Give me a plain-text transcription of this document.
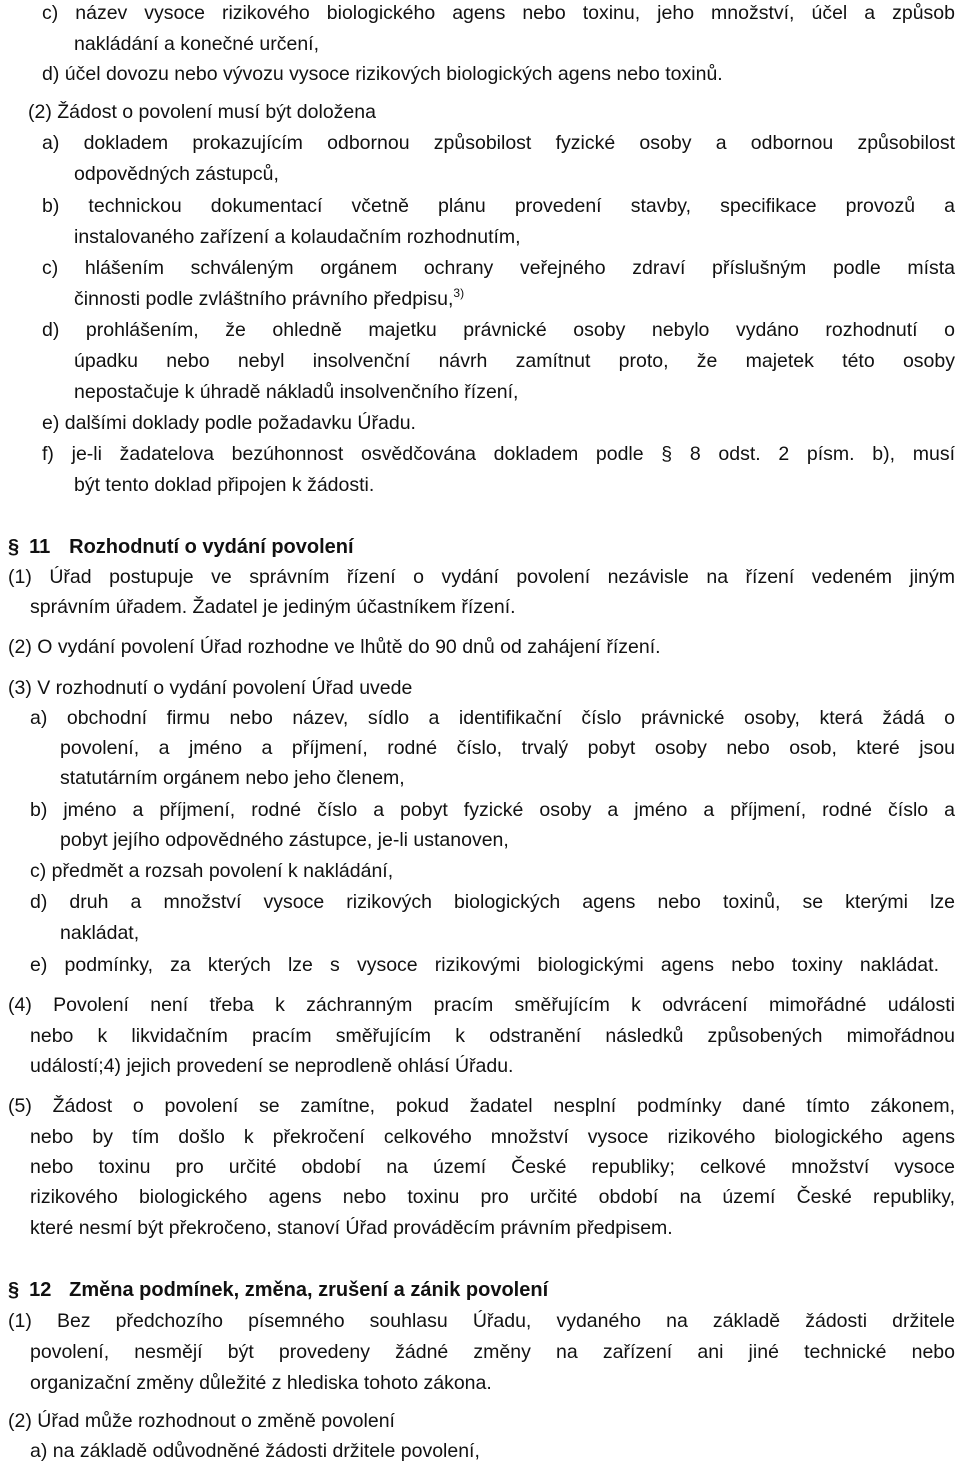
c) název vysoce rizikového biologického agens nebo toxinu, jeho množství, účel a způsob
nakládání a konečné určení,
d) účel dovozu nebo vývozu vysoce rizikových biologických agens nebo toxinů.
(2) Žádost o povolení musí být doložena
a) dokladem prokazujícím odbornou způsobilost fyzické osoby a odbornou způsobilost
odpovědných zástupců,
b) technickou dokumentací včetně plánu provedení stavby, specifikace provozů a
instalovaného zařízení a kolaudačním rozhodnutím,
c) hlášením schváleným orgánem ochrany veřejného zdraví příslušným podle místa
činnosti podle zvláštního právního předpisu,$^{3)}$
d) prohlášením, že ohledně majetku právnické osoby nebylo vydáno rozhodnutí o
úpadku nebo nebyl insolvenční návrh zamítnut proto, že majetek této osoby
nepostačuje k úhradě nákladů insolvenčního řízení,
e) dalšími doklady podle požadavku Úřadu.
f) je-li žadatelova bezúhonnost osvědčována dokladem podle § 8 odst. 2 písm. b), musí
být tento doklad připojen k žádosti.
§ 11 Rozhodnutí o vydání povolení
(1) Úřad postupuje ve správním řízení o vydání povolení nezávisle na řízení vedeném jiným
správním úřadem. Žadatel je jediným účastníkem řízení.
(2) O vydání povolení Úřad rozhodne ve lhůtě do 90 dnů od zahájení řízení.
(3) V rozhodnutí o vydání povolení Úřad uvede
a) obchodní firmu nebo název, sídlo a identifikační číslo právnické osoby, která žádá o
povolení, a jméno a příjmení, rodné číslo, trvalý pobyt osoby nebo osob, které jsou
statutárním orgánem nebo jeho členem,
b) jméno a příjmení, rodné číslo a pobyt fyzické osoby a jméno a příjmení, rodné číslo a
pobyt jejího odpovědného zástupce, je-li ustanoven,
c) předmět a rozsah povolení k nakládání,
d) druh a množství vysoce rizikových biologických agens nebo toxinů, se kterými lze
nakládat,
e) podmínky, za kterých lze s vysoce rizikovými biologickými agens nebo toxiny nakládat.
(4) Povolení není třeba k záchranným pracím směřujícím k odvrácení mimořádné události
nebo k likvidačním pracím směřujícím k odstranění následků způsobených mimořádnou
událostí;4) jejich provedení se neprodleně ohlásí Úřadu.
(5) Žádost o povolení se zamítne, pokud žadatel nesplní podmínky dané tímto zákonem,
nebo by tím došlo k překročení celkového množství vysoce rizikového biologického agens
nebo toxinu pro určité období na území České republiky; celkové množství vysoce
rizikového biologického agens nebo toxinu pro určité období na území České republiky,
které nesmí být překročeno, stanoví Úřad prováděcím právním předpisem.
§ 12 Změna podmínek, změna, zrušení a zánik povolení
(1) Bez předchozího písemného souhlasu Úřadu, vydaného na základě žádosti držitele
povolení, nesmějí být provedeny žádné změny na zařízení ani jiné technické nebo
organizační změny důležité z hlediska tohoto zákona.
(2) Úřad může rozhodnout o změně povolení
a) na základě odůvodněné žádosti držitele povolení,
